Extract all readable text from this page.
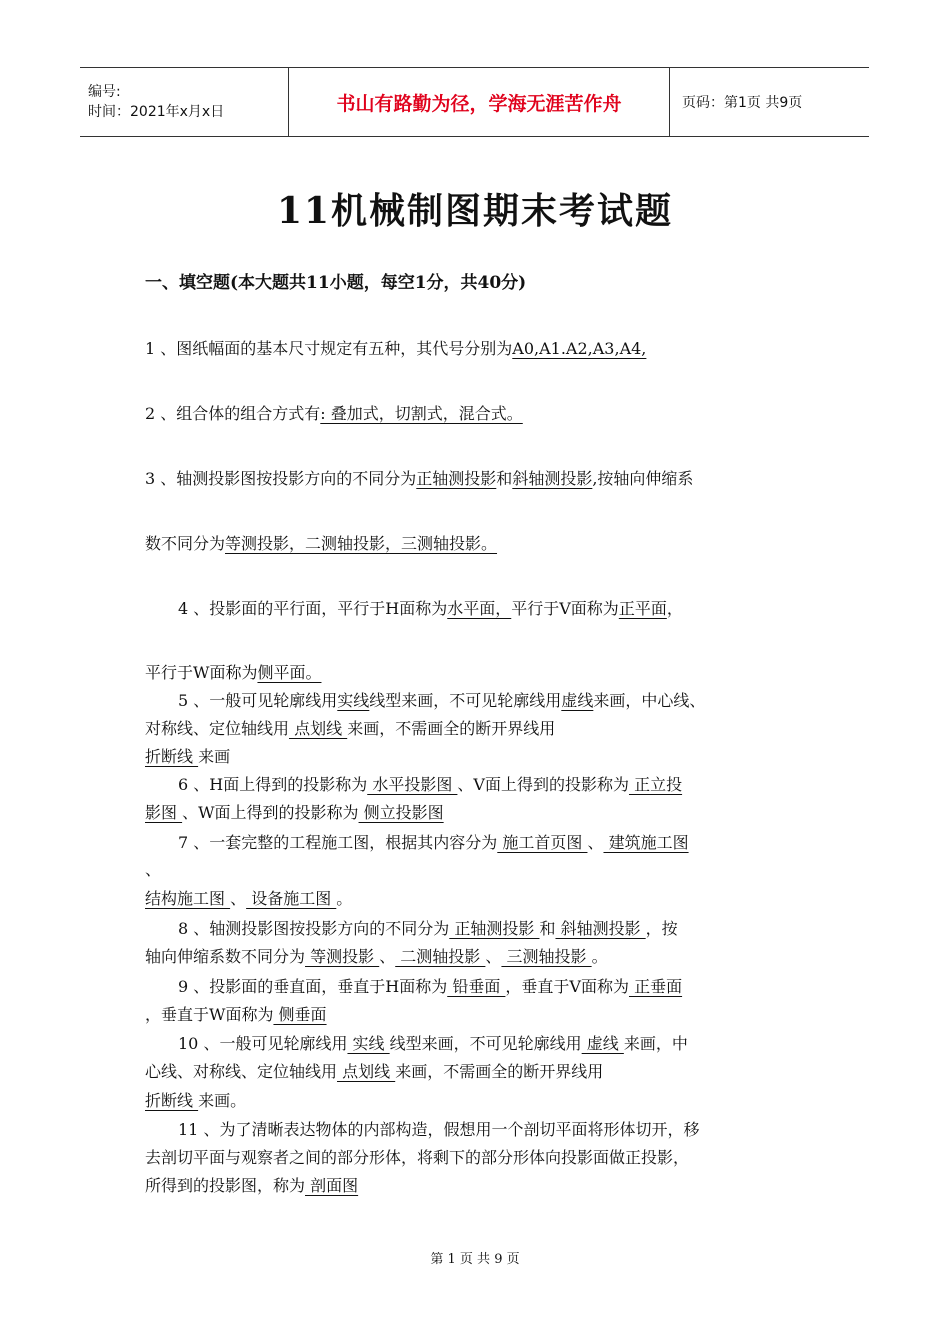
编号:
时间：2021年x月x日	书山有路勤为径，学海无涯苦作舟	页码：第1页 共9页
11机械制图期末考试题
一、填空题(本大题共11小题，每空1分，共40分)
1 、图纸幅面的基本尺寸规定有五种，其代号分别为A0,A1.A2,A3,A4,
2 、组合体的组合方式有: 叠加式，切割式，混合式。
3 、轴测投影图按投影方向的不同分为正轴测投影和斜轴测投影,按轴向伸缩系
数不同分为等测投影，二测轴投影，三测轴投影。
4 、投影面的平行面，平行于H面称为水平面，平行于V面称为正平面，
平行于W面称为侧平面。
5 、一般可见轮廓线用实线线型来画，不可见轮廓线用虚线来画，中心线、
对称线、定位轴线用 点划线 来画，不需画全的断开界线用
折断线 来画
6 、H面上得到的投影称为 水平投影图 、V面上得到的投影称为 正立投
影图 、W面上得到的投影称为 侧立投影图
7 、一套完整的工程施工图，根据其内容分为 施工首页图 、 建筑施工图
、
结构施工图 、 设备施工图 。
8 、轴测投影图按投影方向的不同分为 正轴测投影 和 斜轴测投影 ，按
轴向伸缩系数不同分为 等测投影 、 二测轴投影 、 三测轴投影 。
9 、投影面的垂直面，垂直于H面称为 铅垂面 ，垂直于V面称为 正垂面
，垂直于W面称为 侧垂面
10 、一般可见轮廓线用 实线 线型来画，不可见轮廓线用 虚线 来画，中
心线、对称线、定位轴线用 点划线 来画，不需画全的断开界线用
折断线 来画。
11 、为了清晰表达物体的内部构造，假想用一个剖切平面将形体切开，移
去剖切平面与观察者之间的部分形体，将剩下的部分形体向投影面做正投影，
所得到的投影图，称为 剖面图
第 1 页 共 9 页
